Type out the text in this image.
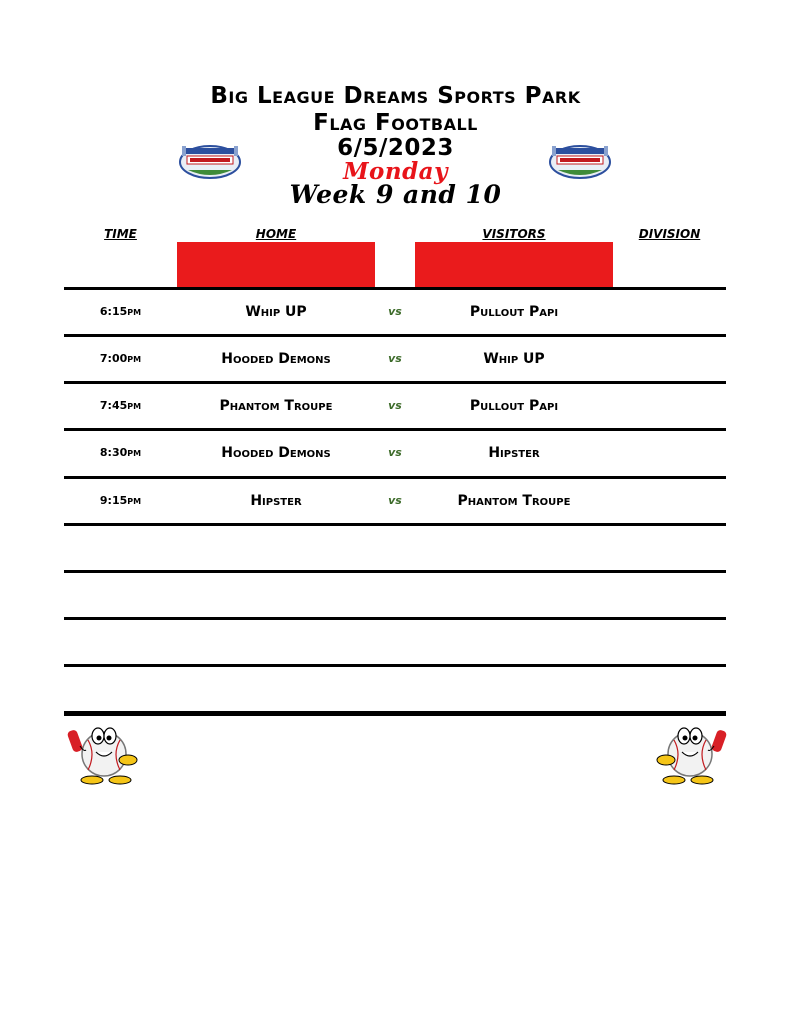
Big League Dreams Sports Park
Flag Football
6/5/2023
Monday
Week 9 and 10
TIME	HOME	VISITORS	DIVISION
6:15pm	Whip UP	vs	Pullout Papi
7:00pm	Hooded Demons	vs	Whip UP
7:45pm	Phantom Troupe	vs	Pullout Papi
8:30pm	Hooded Demons	vs	Hipster
9:15pm	Hipster	vs	Phantom Troupe
